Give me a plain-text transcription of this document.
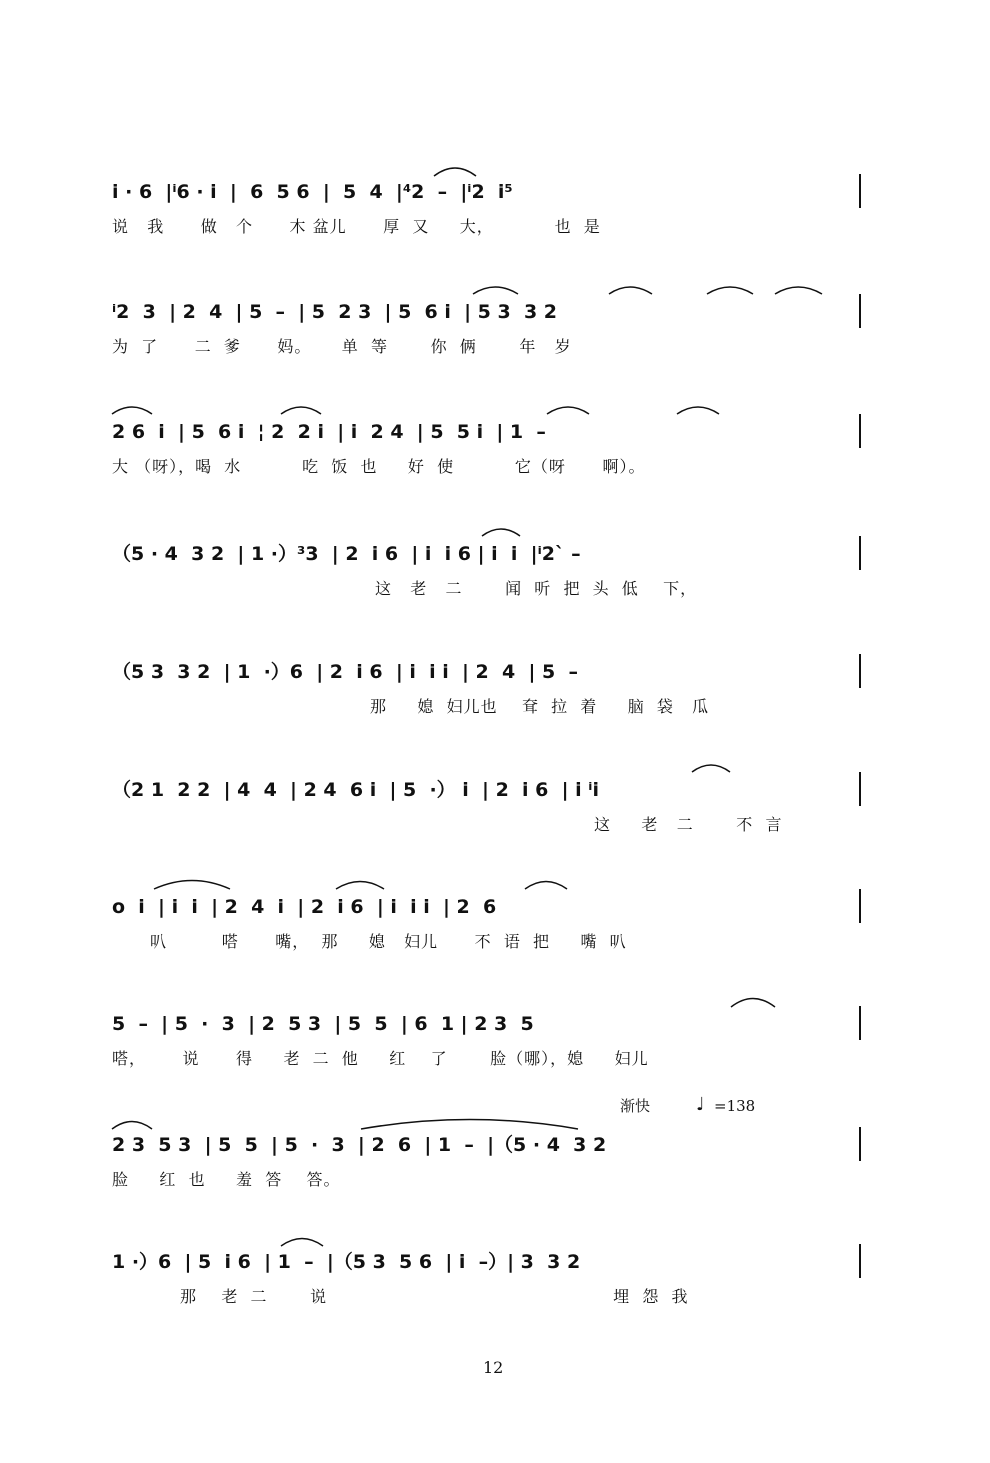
i · 6  |ⁱ6 · i  |  6  5 6  |  5  4  |⁴2  –  |ⁱ2  i⁵
说   我      做   个      木 盆儿      厚  又     大，          也  是
ⁱ2  3  | 2  4  | 5  –  | 5  2 3  | 5  6 i  | 5 3  3 2
为  了      二  爹      妈。     单  等       你  俩       年   岁
2 6  i  | 5  6 i  ¦ 2  2 i  | i  2 4  | 5  5 i  | 1  –
大 （呀），喝  水          吃  饭  也     好  使          它（呀      啊）。
（5 · 4  3 2  | 1 ·）³3  | 2  i 6  | i  i 6 | i  i  |ⁱ2ˋ –
这   老   二       闻  听  把  头  低    下，
（5 3  3 2  | 1  ·）6  | 2  i 6  | i  i i  | 2  4  | 5  –
那     媳  妇儿也    耷  拉  着     脑  袋   瓜
（2 1  2 2  | 4  4  | 2 4  6 i  | 5  ·） i  | 2  i 6  | i ⁱi
这     老   二       不  言
o  i  | i  i  | 2  4  i  | 2  i 6  | i  i i  | 2  6
叭         嗒      嘴，  那     媳   妇儿      不  语  把     嘴  叭
5  –  | 5  ·  3  | 2  5 3  | 5  5  | 6  1 | 2 3  5
嗒，      说      得     老  二  他     红    了       脸（哪），媳     妇儿
渐快	♩ =138
2 3  5 3  | 5  5  | 5  ·  3  | 2  6  | 1  –  |（5 · 4  3 2
脸     红  也     羞  答    答。
1 ·）6  | 5  i 6  | 1  –  |（5 3  5 6  | i  –）| 3  3 2
那    老  二       说                                               埋  怨  我
12
